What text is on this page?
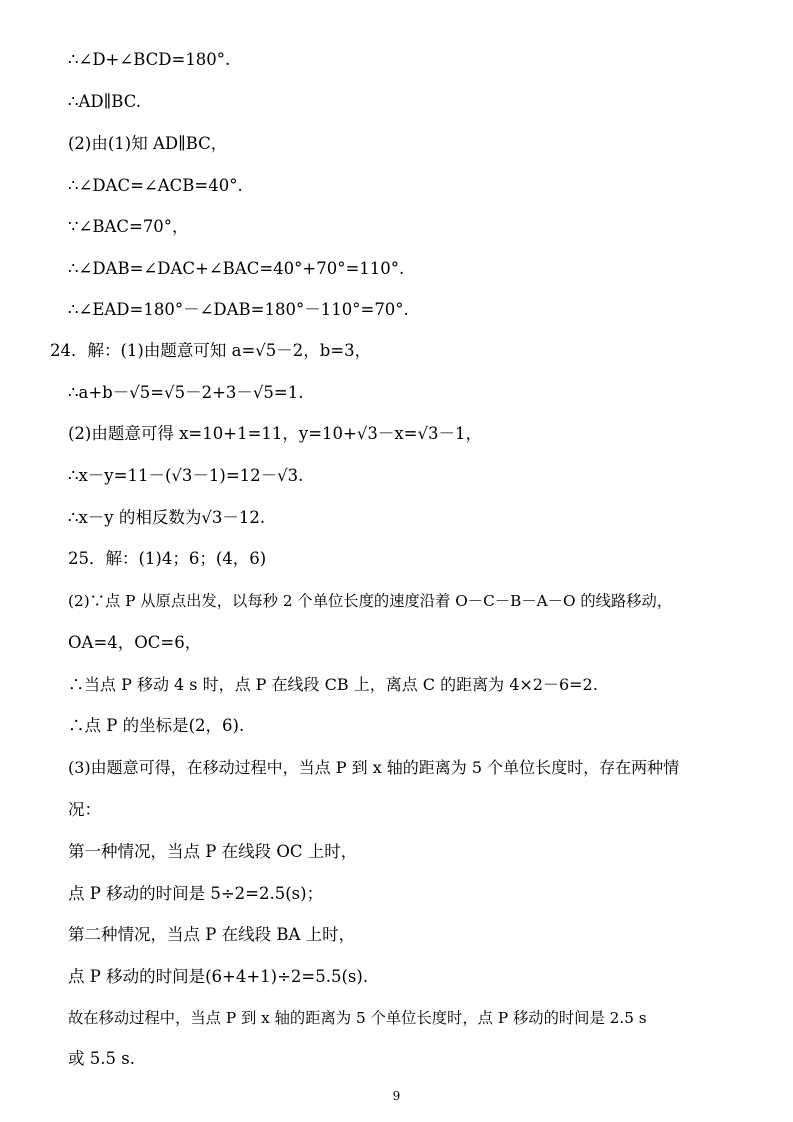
∴∠D+∠BCD=180°.
∴AD∥BC.
(2)由(1)知 AD∥BC，
∴∠DAC=∠ACB=40°.
∵∠BAC=70°，
∴∠DAB=∠DAC+∠BAC=40°+70°=110°.
∴∠EAD=180°－∠DAB=180°－110°=70°.
24．解：(1)由题意可知 a=√5－2，b=3，
∴a+b－√5=√5－2+3－√5=1.
(2)由题意可得 x=10+1=11，y=10+√3－x=√3－1，
∴x－y=11－(√3－1)=12－√3.
∴x－y 的相反数为√3－12.
25．解：(1)4；6；(4，6)
(2)∵点 P 从原点出发，以每秒 2 个单位长度的速度沿着 O－C－B－A－O 的线路移动，
OA=4，OC=6，
∴当点 P 移动 4 s 时，点 P 在线段 CB 上，离点 C 的距离为 4×2－6=2.
∴点 P 的坐标是(2，6).
(3)由题意可得，在移动过程中，当点 P 到 x 轴的距离为 5 个单位长度时，存在两种情
况：
第一种情况，当点 P 在线段 OC 上时，
点 P 移动的时间是 5÷2=2.5(s)；
第二种情况，当点 P 在线段 BA 上时，
点 P 移动的时间是(6+4+1)÷2=5.5(s).
故在移动过程中，当点 P 到 x 轴的距离为 5 个单位长度时，点 P 移动的时间是 2.5 s
或 5.5 s.
9
